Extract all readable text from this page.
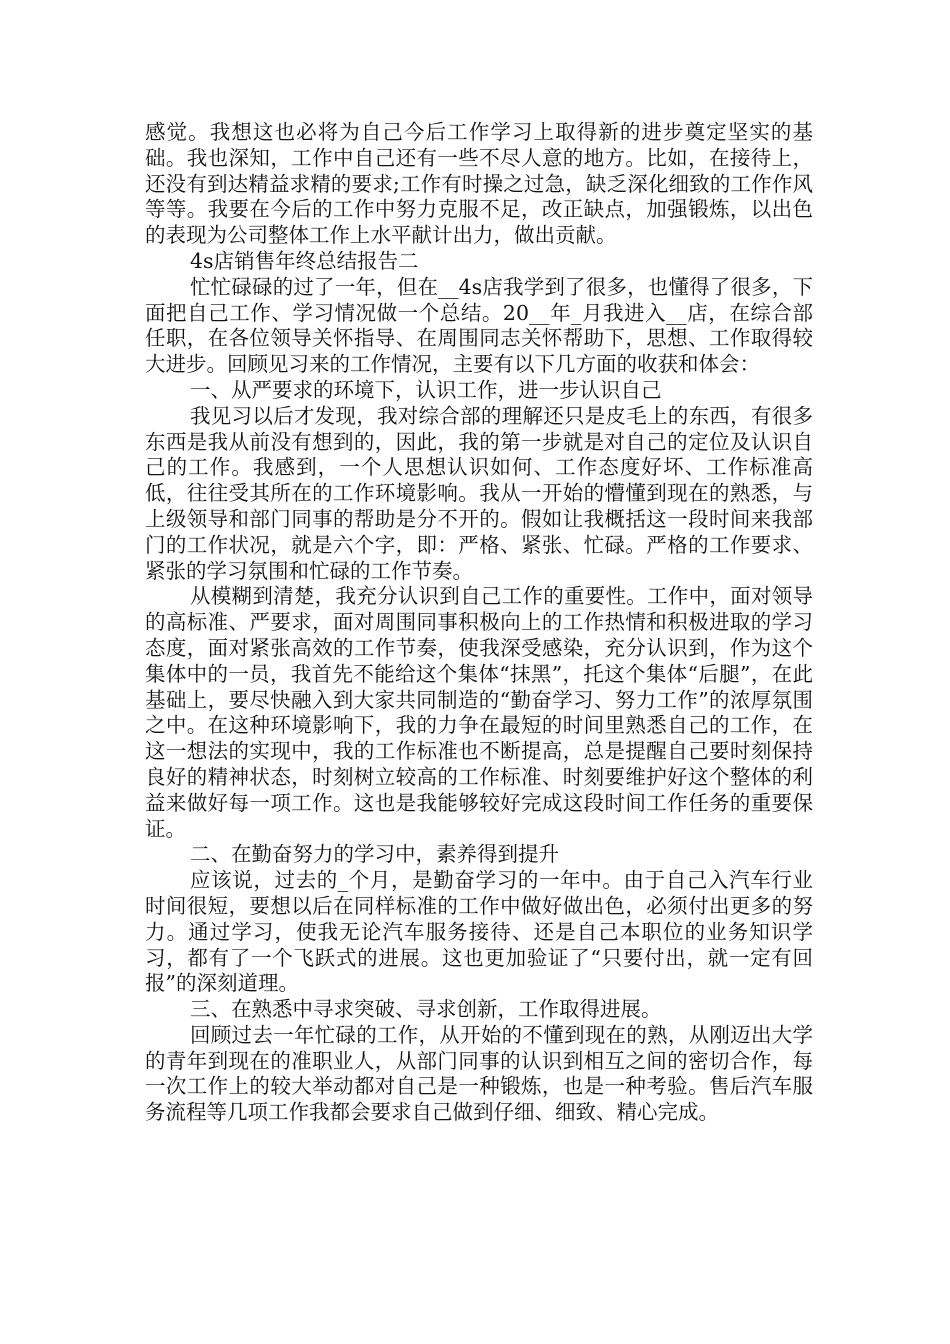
感觉。我想这也必将为自己今后工作学习上取得新的进步奠定坚实的基础。我也深知，工作中自己还有一些不尽人意的地方。比如，在接待上，还没有到达精益求精的要求;工作有时操之过急，缺乏深化细致的工作作风等等。我要在今后的工作中努力克服不足，改正缺点，加强锻炼，以出色的表现为公司整体工作上水平献计出力，做出贡献。

4s店销售年终总结报告二

忙忙碌碌的过了一年，但在__4s店我学到了很多，也懂得了很多，下面把自己工作、学习情况做一个总结。20__年_月我进入__店，在综合部任职，在各位领导关怀指导、在周围同志关怀帮助下，思想、工作取得较大进步。回顾见习来的工作情况，主要有以下几方面的收获和体会：

一、从严要求的环境下，认识工作，进一步认识自己

我见习以后才发现，我对综合部的理解还只是皮毛上的东西，有很多东西是我从前没有想到的，因此，我的第一步就是对自己的定位及认识自己的工作。我感到，一个人思想认识如何、工作态度好坏、工作标准高低，往往受其所在的工作环境影响。我从一开始的懵懂到现在的熟悉，与上级领导和部门同事的帮助是分不开的。假如让我概括这一段时间来我部门的工作状况，就是六个字，即：严格、紧张、忙碌。严格的工作要求、紧张的学习氛围和忙碌的工作节奏。

从模糊到清楚，我充分认识到自己工作的重要性。工作中，面对领导的高标准、严要求，面对周围同事积极向上的工作热情和积极进取的学习态度，面对紧张高效的工作节奏，使我深受感染，充分认识到，作为这个集体中的一员，我首先不能给这个集体“抹黑”，托这个集体“后腿”，在此基础上，要尽快融入到大家共同制造的“勤奋学习、努力工作”的浓厚氛围之中。在这种环境影响下，我的力争在最短的时间里熟悉自己的工作，在这一想法的实现中，我的工作标准也不断提高，总是提醒自己要时刻保持良好的精神状态，时刻树立较高的工作标准、时刻要维护好这个整体的利益来做好每一项工作。这也是我能够较好完成这段时间工作任务的重要保证。

二、在勤奋努力的学习中，素养得到提升

应该说，过去的_个月，是勤奋学习的一年中。由于自己入汽车行业时间很短，要想以后在同样标准的工作中做好做出色，必须付出更多的努力。通过学习，使我无论汽车服务接待、还是自己本职位的业务知识学习，都有了一个飞跃式的进展。这也更加验证了“只要付出，就一定有回报”的深刻道理。

三、在熟悉中寻求突破、寻求创新，工作取得进展。

回顾过去一年忙碌的工作，从开始的不懂到现在的熟，从刚迈出大学的青年到现在的准职业人，从部门同事的认识到相互之间的密切合作，每一次工作上的较大举动都对自己是一种锻炼，也是一种考验。售后汽车服务流程等几项工作我都会要求自己做到仔细、细致、精心完成。
